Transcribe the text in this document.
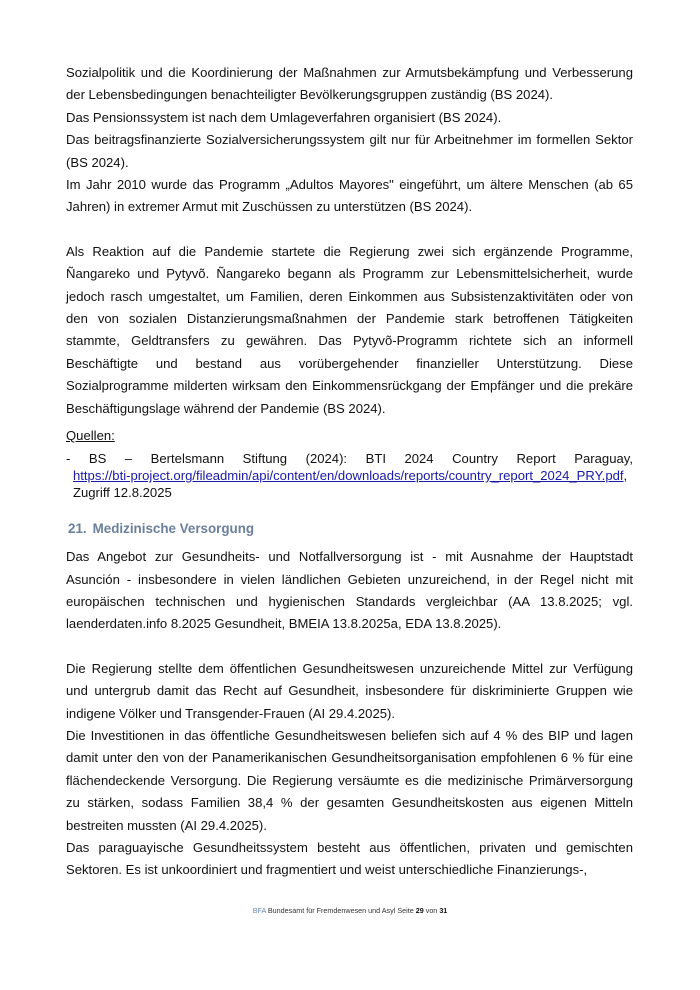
Sozialpolitik und die Koordinierung der Maßnahmen zur Armutsbekämpfung und Verbesserung der Lebensbedingungen benachteiligter Bevölkerungsgruppen zuständig (BS 2024).

Das Pensionssystem ist nach dem Umlageverfahren organisiert (BS 2024).

Das beitragsfinanzierte Sozialversicherungssystem gilt nur für Arbeitnehmer im formellen Sektor (BS 2024).

Im Jahr 2010 wurde das Programm „Adultos Mayores" eingeführt, um ältere Menschen (ab 65 Jahren) in extremer Armut mit Zuschüssen zu unterstützen (BS 2024).

Als Reaktion auf die Pandemie startete die Regierung zwei sich ergänzende Programme, Ñangareko und Pytyvõ. Ñangareko begann als Programm zur Lebensmittelsicherheit, wurde jedoch rasch umgestaltet, um Familien, deren Einkommen aus Subsistenzaktivitäten oder von den von sozialen Distanzierungsmaßnahmen der Pandemie stark betroffenen Tätigkeiten stammte, Geldtransfers zu gewähren. Das Pytyvõ-Programm richtete sich an informell Beschäftigte und bestand aus vorübergehender finanzieller Unterstützung. Diese Sozialprogramme milderten wirksam den Einkommensrückgang der Empfänger und die prekäre Beschäftigungslage während der Pandemie (BS 2024).

Quellen:
- BS – Bertelsmann Stiftung (2024): BTI 2024 Country Report Paraguay,
https://bti-project.org/fileadmin/api/content/en/downloads/reports/country_report_2024_PRY.pdf,
Zugriff 12.8.2025
21. Medizinische Versorgung

Das Angebot zur Gesundheits- und Notfallversorgung ist - mit Ausnahme der Hauptstadt Asunción - insbesondere in vielen ländlichen Gebieten unzureichend, in der Regel nicht mit europäischen technischen und hygienischen Standards vergleichbar (AA 13.8.2025; vgl. laenderdaten.info 8.2025 Gesundheit, BMEIA 13.8.2025a, EDA 13.8.2025).

Die Regierung stellte dem öffentlichen Gesundheitswesen unzureichende Mittel zur Verfügung und untergrub damit das Recht auf Gesundheit, insbesondere für diskriminierte Gruppen wie indigene Völker und Transgender-Frauen (AI 29.4.2025).

Die Investitionen in das öffentliche Gesundheitswesen beliefen sich auf 4 % des BIP und lagen damit unter den von der Panamerikanischen Gesundheitsorganisation empfohlenen 6 % für eine flächendeckende Versorgung. Die Regierung versäumte es die medizinische Primärversorgung zu stärken, sodass Familien 38,4 % der gesamten Gesundheitskosten aus eigenen Mitteln bestreiten mussten (AI 29.4.2025).

Das paraguayische Gesundheitssystem besteht aus öffentlichen, privaten und gemischten Sektoren. Es ist unkoordiniert und fragmentiert und weist unterschiedliche Finanzierungs-,

BFA Bundesamt für Fremdenwesen und Asyl Seite 29 von 31
